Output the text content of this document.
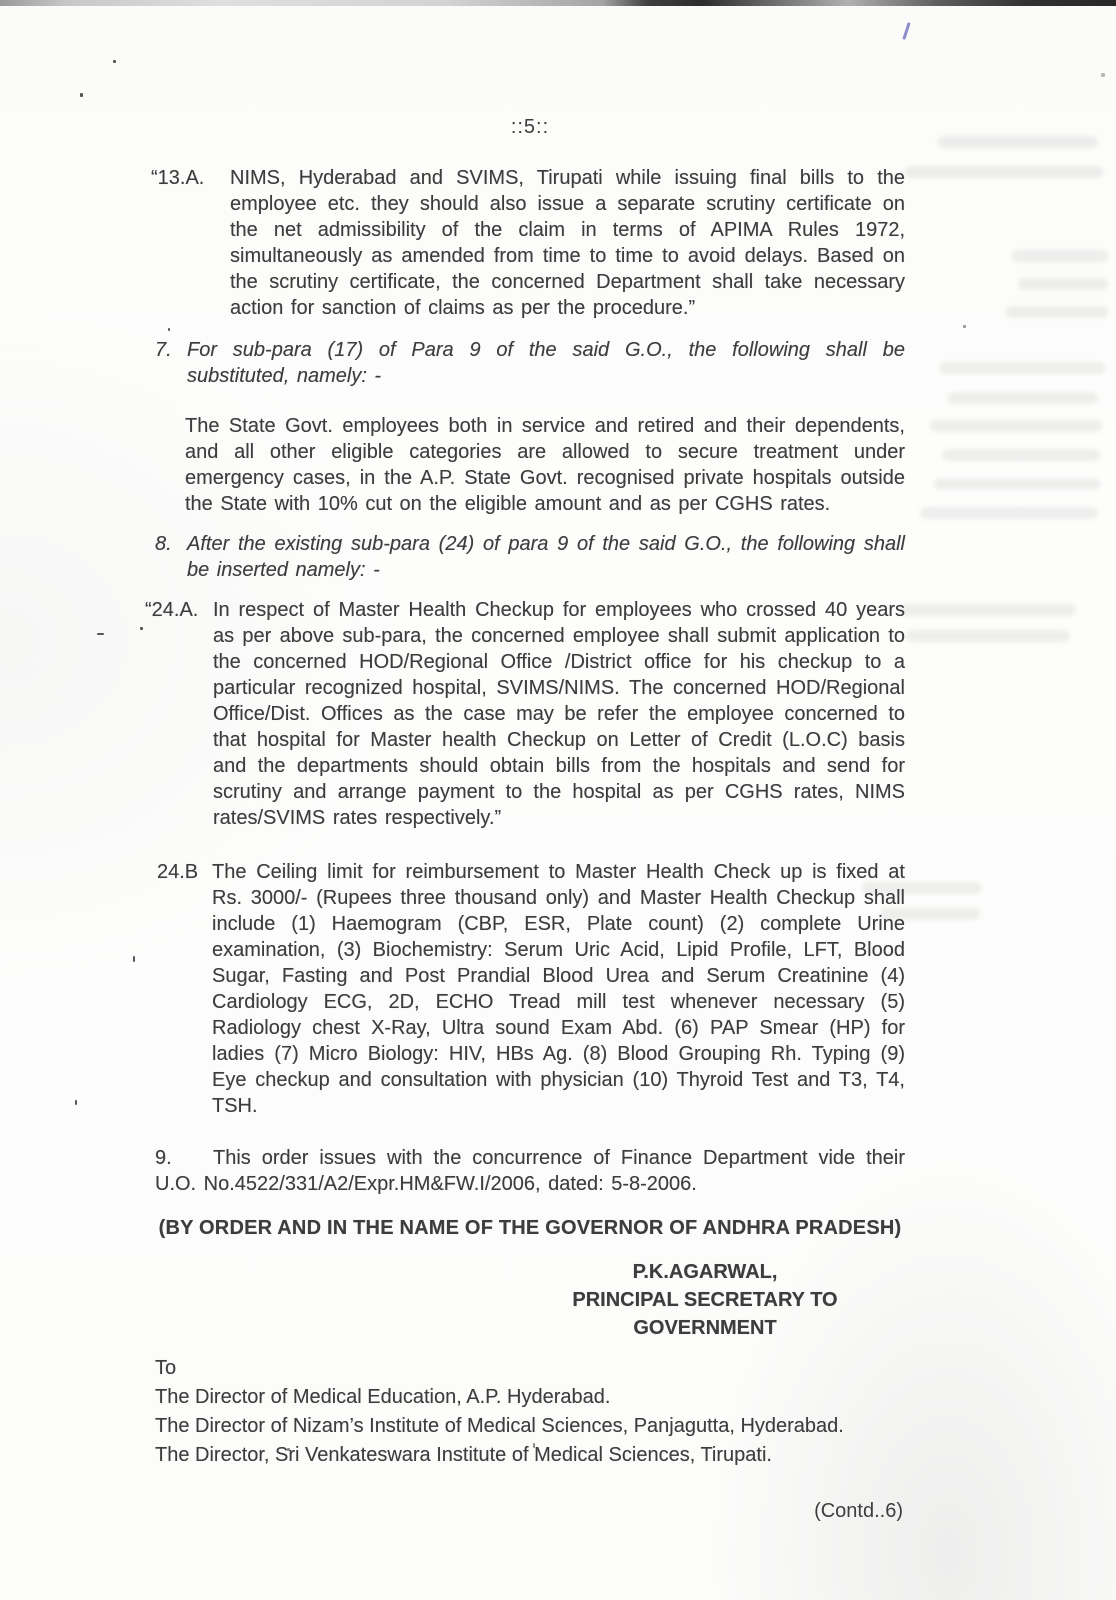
::5::
“13.A. NIMS, Hyderabad and SVIMS, Tirupati while issuing final bills to the employee etc. they should also issue a separate scrutiny certificate on the net admissibility of the claim in terms of APIMA Rules 1972, simultaneously as amended from time to time to avoid delays. Based on the scrutiny certificate, the concerned Department shall take necessary action for sanction of claims as per the procedure.”
7. For sub-para (17) of Para 9 of the said G.O., the following shall be substituted, namely: -
The State Govt. employees both in service and retired and their dependents, and all other eligible categories are allowed to secure treatment under emergency cases, in the A.P. State Govt. recognised private hospitals outside the State with 10% cut on the eligible amount and as per CGHS rates.
8. After the existing sub-para (24) of para 9 of the said G.O., the following shall be inserted namely: -
“24.A. In respect of Master Health Checkup for employees who crossed 40 years as per above sub-para, the concerned employee shall submit application to the concerned HOD/Regional Office /District office for his checkup to a particular recognized hospital, SVIMS/NIMS. The concerned HOD/Regional Office/Dist. Offices as the case may be refer the employee concerned to that hospital for Master health Checkup on Letter of Credit (L.O.C) basis and the departments should obtain bills from the hospitals and send for scrutiny and arrange payment to the hospital as per CGHS rates, NIMS rates/SVIMS rates respectively.”
24.B The Ceiling limit for reimbursement to Master Health Check up is fixed at Rs. 3000/- (Rupees three thousand only) and Master Health Checkup shall include (1) Haemogram (CBP, ESR, Plate count) (2) complete Urine examination, (3) Biochemistry: Serum Uric Acid, Lipid Profile, LFT, Blood Sugar, Fasting and Post Prandial Blood Urea and Serum Creatinine (4) Cardiology ECG, 2D, ECHO Tread mill test whenever necessary (5) Radiology chest X-Ray, Ultra sound Exam Abd. (6) PAP Smear (HP) for ladies (7) Micro Biology: HIV, HBs Ag. (8) Blood Grouping Rh. Typing (9) Eye checkup and consultation with physician (10) Thyroid Test and T3, T4, TSH.
9. This order issues with the concurrence of Finance Department vide their U.O. No.4522/331/A2/Expr.HM&FW.I/2006, dated: 5-8-2006.
(BY ORDER AND IN THE NAME OF THE GOVERNOR OF ANDHRA PRADESH)
P.K.AGARWAL,
PRINCIPAL SECRETARY TO GOVERNMENT
To
The Director of Medical Education, A.P. Hyderabad.
The Director of Nizam’s Institute of Medical Sciences, Panjagutta, Hyderabad.
The Director, Sri Venkateswara Institute of Medical Sciences, Tirupati.
(Contd..6)
